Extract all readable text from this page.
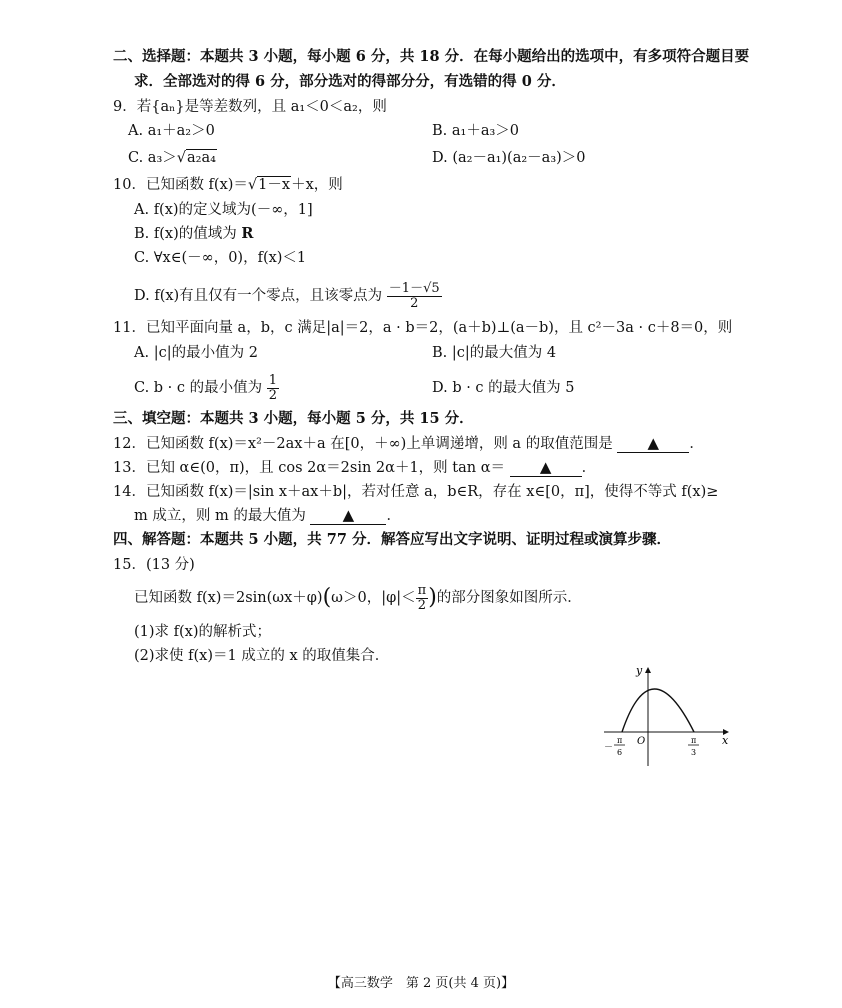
二、选择题：本题共 3 小题，每小题 6 分，共 18 分．在每小题给出的选项中，有多项符合题目要
求．全部选对的得 6 分，部分选对的得部分分，有选错的得 0 分．
9．若{aₙ}是等差数列，且 a₁＜0＜a₂，则
A. a₁＋a₂＞0	B. a₁＋a₃＞0
C. a₃＞√a₂a₄	D. (a₂－a₁)(a₂－a₃)＞0
10．已知函数 f(x)＝√1－x＋x，则
A. f(x)的定义域为(－∞，1]
B. f(x)的值域为 R
C. ∀x∈(－∞，0)，f(x)＜1
D. f(x)有且仅有一个零点，且该零点为 $\frac{-1-√5}{2}$
11．已知平面向量 a，b，c 满足|a|＝2，a · b＝2，(a＋b)⊥(a－b)，且 c²－3a · c＋8＝0，则
A. |c|的最小值为 2	B. |c|的最大值为 4
C. b · c 的最小值为 $\frac{1}{2}$	D. b · c 的最大值为 5
三、填空题：本题共 3 小题，每小题 5 分，共 15 分．
12．已知函数 f(x)＝x²－2ax＋a 在[0，＋∞)上单调递增，则 a 的取值范围是 ▲ ．
13．已知 α∈(0，π)，且 cos 2α＝2sin 2α＋1，则 tan α＝ ▲ ．
14．已知函数 f(x)＝|sin x＋ax＋b|，若对任意 a，b∈R，存在 x∈[0，π]，使得不等式 f(x)≥
m 成立，则 m 的最大值为 ▲ ．
四、解答题：本题共 5 小题，共 77 分．解答应写出文字说明、证明过程或演算步骤．
15．(13 分)
已知函数 f(x)＝2sin(ωx＋φ)(ω＞0，$|\varphi|< \frac{\pi}{2}$ )的部分图象如图所示．
(1)求 f(x)的解析式；
(2)求使 f(x)＝1 成立的 x 的取值集合．
y
x
O
－
π
6
π
3
【高三数学　第 2 页(共 4 页)】
